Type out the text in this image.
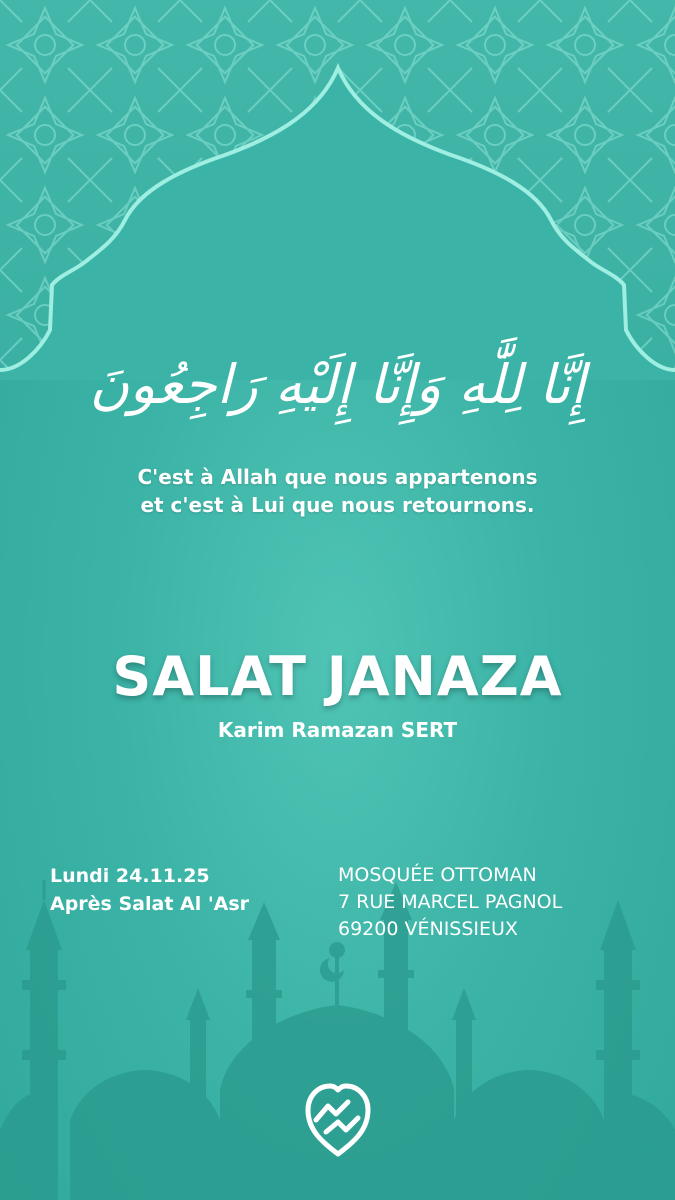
إِنَّا لِلَّٰهِ وَإِنَّا إِلَيْهِ رَاجِعُونَ
C'est à Allah que nous appartenons
et c'est à Lui que nous retournons.
SALAT JANAZA
Karim Ramazan SERT
Lundi 24.11.25
Après Salat Al 'Asr
MOSQUÉE OTTOMAN
7 RUE MARCEL PAGNOL
69200 VÉNISSIEUX
